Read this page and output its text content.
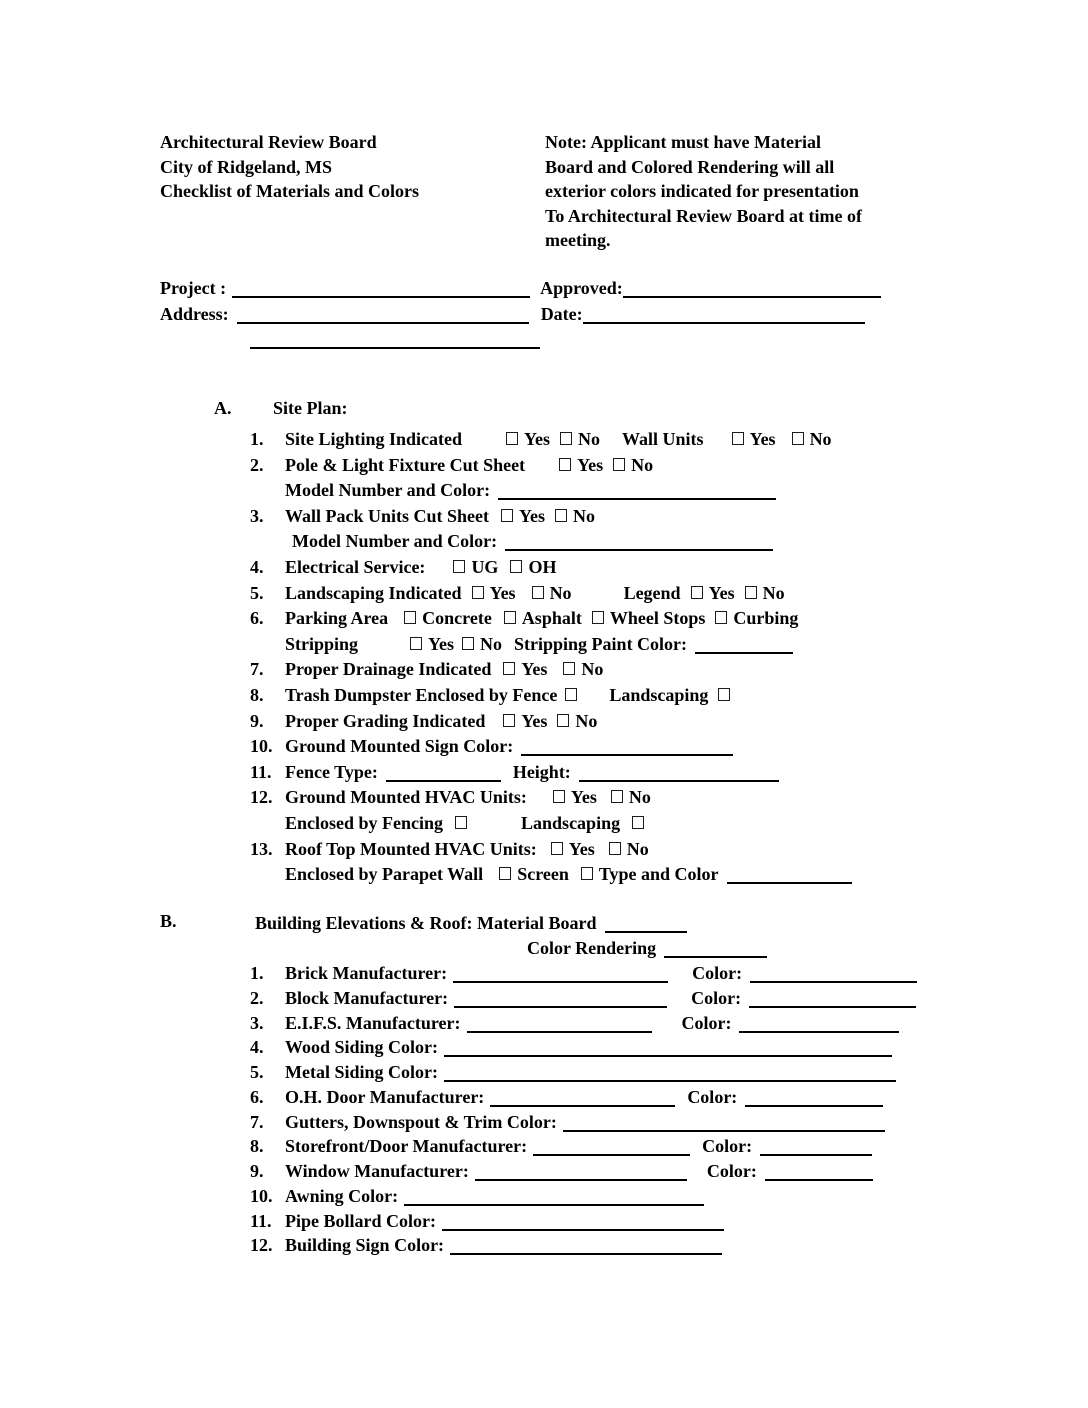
Architectural Review Board
City of Ridgeland, MS
Checklist of Materials and Colors
Note: Applicant must have Material
Board and Colored Rendering will all
exterior colors indicated for presentation
To Architectural Review Board at time of
meeting.
Project :	Approved:
Address:	Date:

A. Site Plan:

1. Site Lighting Indicated	Yes No Wall Units	Yes No
2. Pole & Light Fixture Cut Sheet	Yes No
Model Number and Color:
3. Wall Pack Units Cut Sheet Yes No
Model Number and Color:
4. Electrical Service:	UG OH
5. Landscaping Indicated Yes No	Legend Yes No
6. Parking Area Concrete Asphalt Wheel Stops Curbing
Stripping	Yes No Stripping Paint Color:
7. Proper Drainage Indicated Yes No
8. Trash Dumpster Enclosed by Fence	Landscaping
9. Proper Grading Indicated Yes No
10. Ground Mounted Sign Color:
11. Fence Type:	Height:
12. Ground Mounted HVAC Units: Yes No
Enclosed by Fencing	Landscaping
13. Roof Top Mounted HVAC Units: Yes No
Enclosed by Parapet Wall Screen Type and Color
B.	Building Elevations & Roof: Material Board
Color Rendering
1. Brick Manufacturer:	Color:
2. Block Manufacturer:	Color:
3. E.I.F.S. Manufacturer:	Color:
4. Wood Siding Color:
5. Metal Siding Color:
6. O.H. Door Manufacturer:	Color:
7. Gutters, Downspout & Trim Color:
8. Storefront/Door Manufacturer:	Color:
9. Window Manufacturer:	Color:
10. Awning Color:
11. Pipe Bollard Color:
12. Building Sign Color:
